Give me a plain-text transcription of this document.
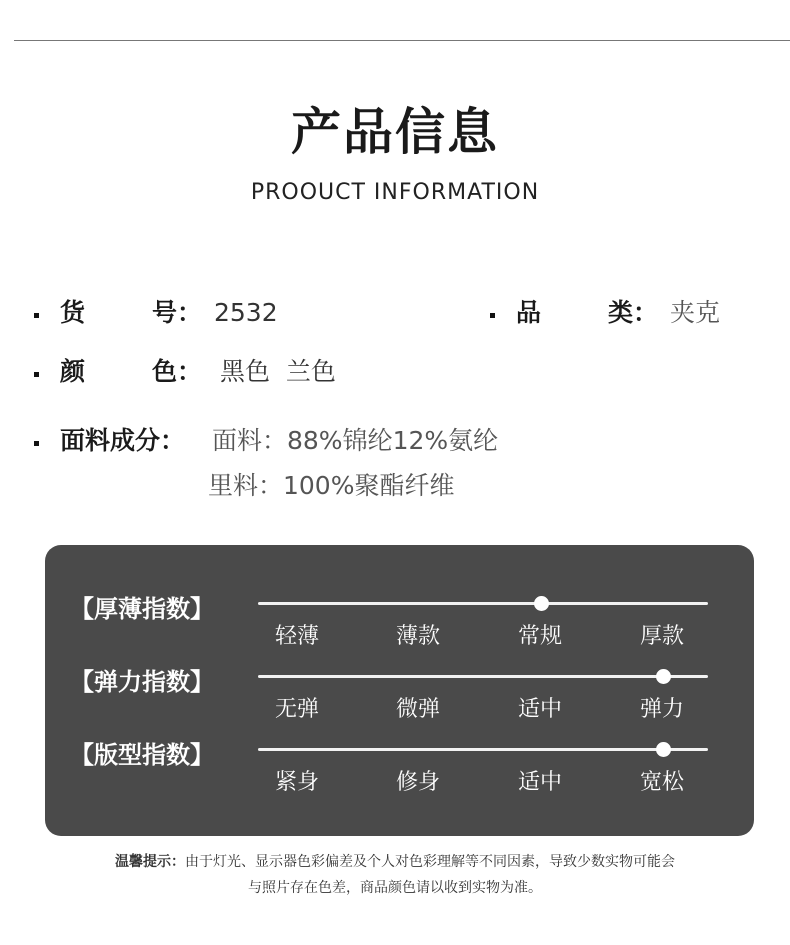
产品信息
PROOUCT INFORMATION
货	号： 2532	品	类： 夹克
颜	色： 黑色  兰色
面料成分： 面料：88%锦纶12%氨纶
里料：100%聚酯纤维
【厚薄指数】
轻薄	薄款	常规	厚款
【弹力指数】
无弹	微弹	适中	弹力
【版型指数】
紧身	修身	适中	宽松
温馨提示：由于灯光、显示器色彩偏差及个人对色彩理解等不同因素，导致少数实物可能会
与照片存在色差，商品颜色请以收到实物为准。
